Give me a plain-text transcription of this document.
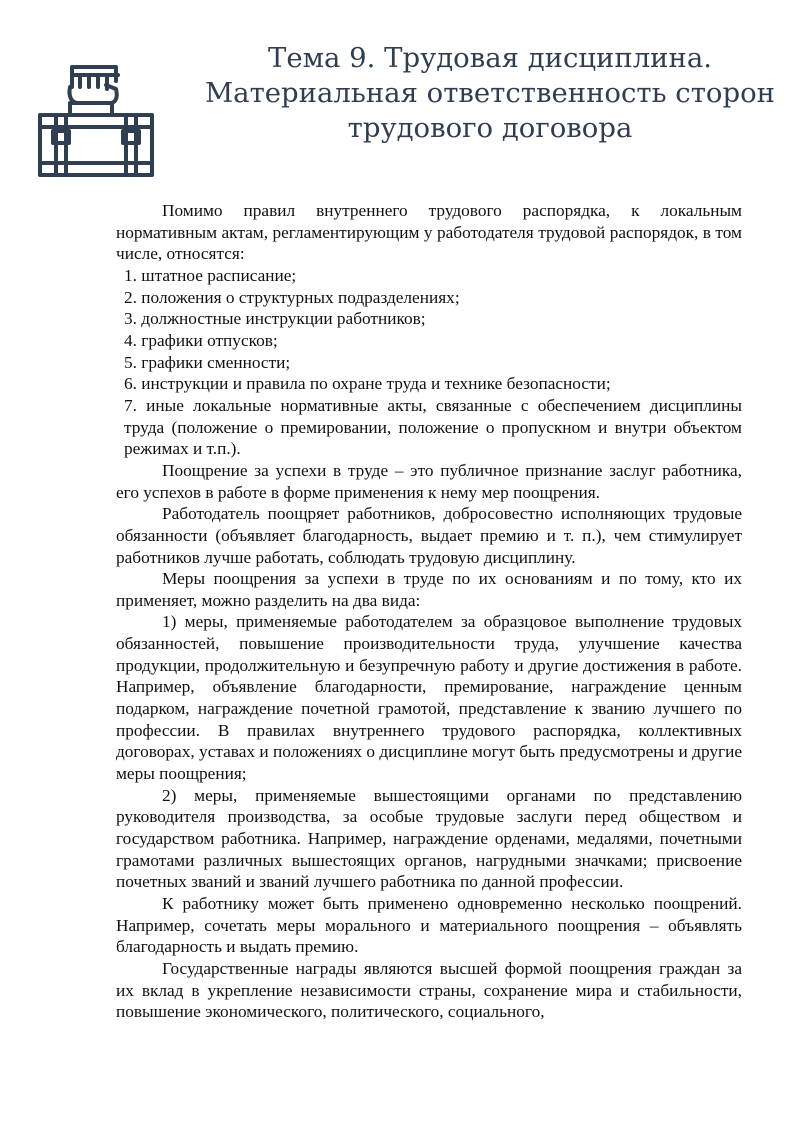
Тема 9. Трудовая дисциплина.
Материальная ответственность сторон
трудового договора

Помимо правил внутреннего трудового распорядка, к локальным нормативным актам, регламентирующим у работодателя трудовой распорядок, в том числе, относятся:

1. штатное расписание;

2. положения о структурных подразделениях;

3. должностные инструкции работников;

4. графики отпусков;

5. графики сменности;

6. инструкции и правила по охране труда и технике безопасности;

7. иные локальные нормативные акты, связанные с обеспечением дисциплины труда (положение о премировании, положение о пропускном и внутри объектом режимах и т.п.).

Поощрение за успехи в труде – это публичное признание заслуг работника, его успехов в работе в форме применения к нему мер поощрения.

Работодатель поощряет работников, добросовестно исполняющих трудовые обязанности (объявляет благодарность, выдает премию и т. п.), чем стимулирует работников лучше работать, соблюдать трудовую дисциплину.

Меры поощрения за успехи в труде по их основаниям и по тому, кто их применяет, можно разделить на два вида:

1) меры, применяемые работодателем за образцовое выполнение трудовых обязанностей, повышение производительности труда, улучшение качества продукции, продолжительную и безупречную работу и другие достижения в работе. Например, объявление благодарности, премирование, награждение ценным подарком, награждение почетной грамотой, представление к званию лучшего по профессии. В правилах внутреннего трудового распорядка, коллективных договорах, уставах и положениях о дисциплине могут быть предусмотрены и другие меры поощрения;

2) меры, применяемые вышестоящими органами по представлению руководителя производства, за особые трудовые заслуги перед обществом и государством работника. Например, награждение орденами, медалями, почетными грамотами различных вышестоящих органов, нагрудными значками; присвоение почетных званий и званий лучшего работника по данной профессии.

К работнику может быть применено одновременно несколько поощрений. Например, сочетать меры морального и материального поощрения – объявлять благодарность и выдать премию.

Государственные награды являются высшей формой поощрения граждан за их вклад в укрепление независимости страны, сохранение мира и стабильности, повышение экономического, политического, социального,
